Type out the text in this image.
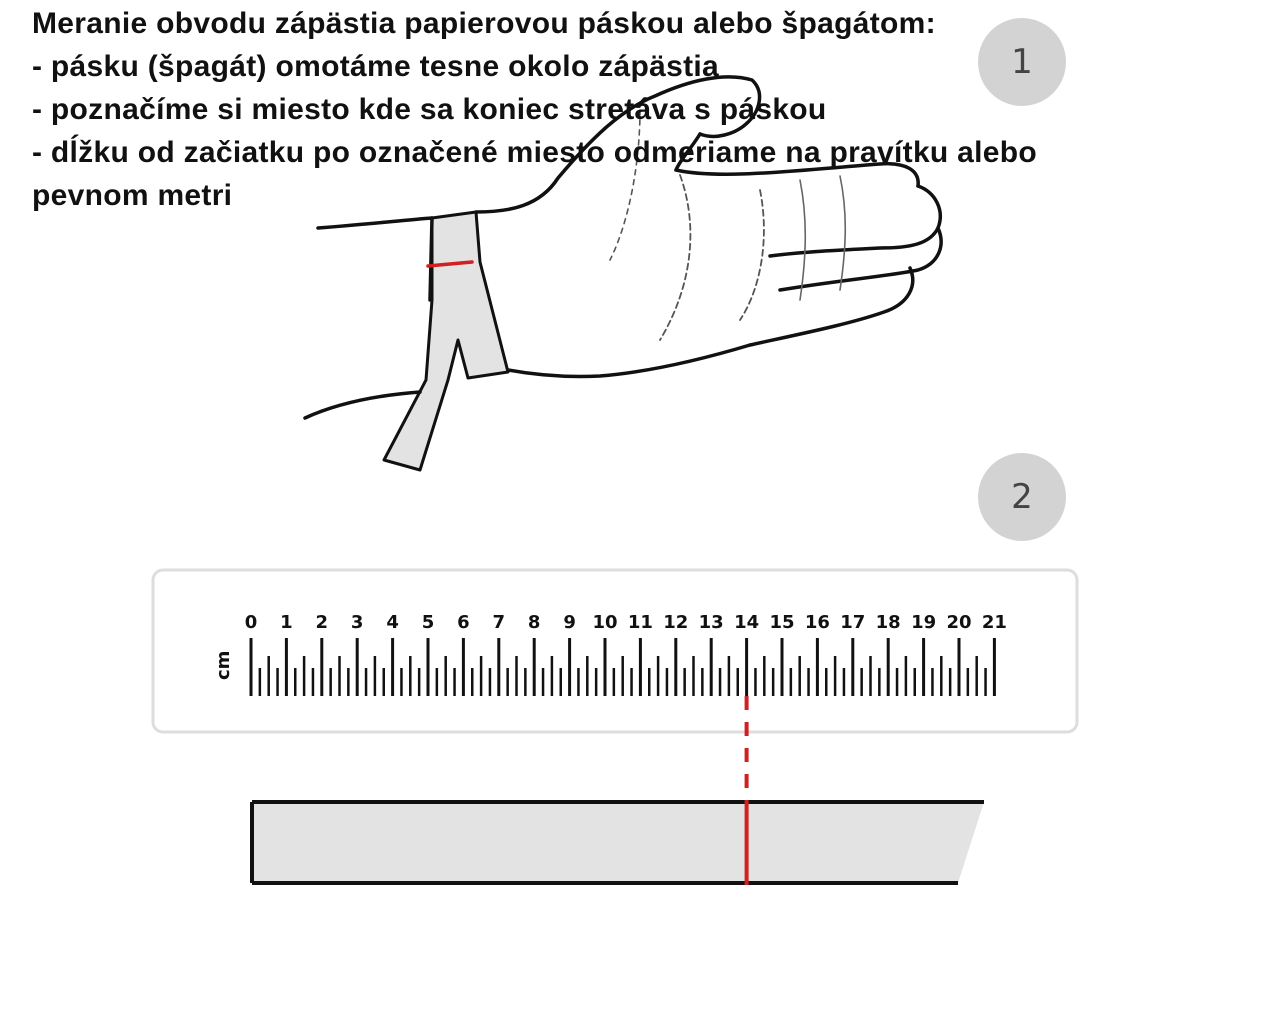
Meranie obvodu zápästia papierovou páskou alebo špagátom:
- pásku (špagát) omotáme tesne okolo zápästia
- poznačíme si miesto kde sa koniec stretáva s páskou
- dĺžku od začiatku po označené miesto odmeriame na pravítku alebo
pevnom metri
1
2
cm
0 1 2 3 4 5 6 7 8 9 10 11 12 13 14 15 16 17 18 19 20 21
